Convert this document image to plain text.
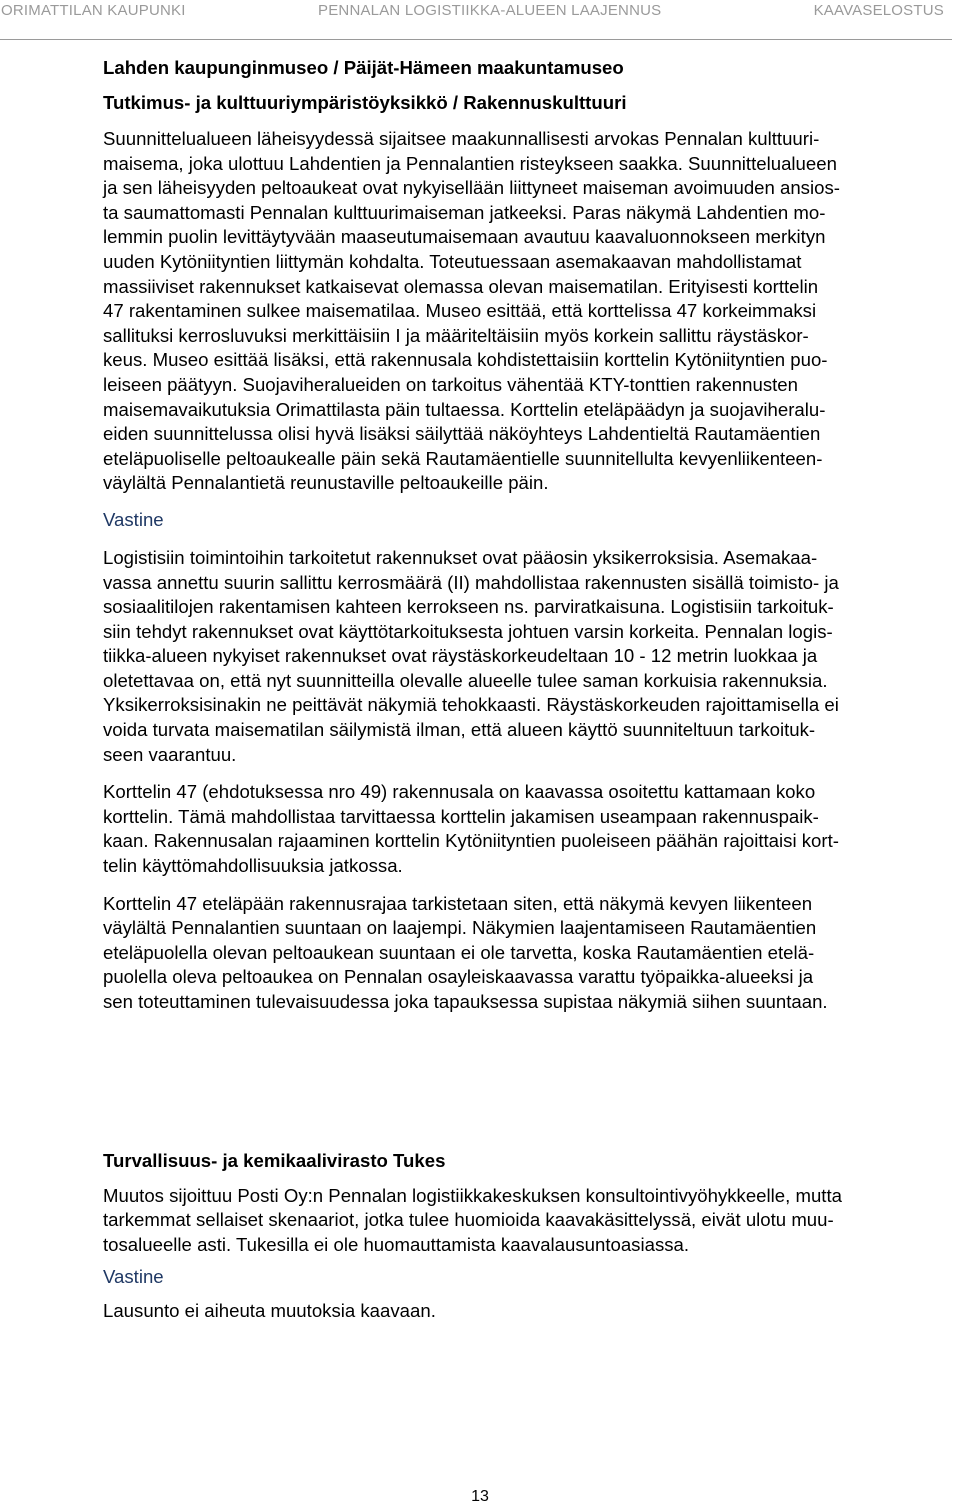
ORIMATTILAN KAUPUNKI	PENNALAN LOGISTIIKKA-ALUEEN LAAJENNUS	KAAVASELOSTUS

Lahden kaupunginmuseo / Päijät-Hämeen maakuntamuseo

Tutkimus- ja kulttuuriympäristöyksikkö / Rakennuskulttuuri

Suunnittelualueen läheisyydessä sijaitsee maakunnallisesti arvokas Pennalan kulttuuri-
maisema, joka ulottuu Lahdentien ja Pennalantien risteykseen saakka. Suunnittelualueen
ja sen läheisyyden peltoaukeat ovat nykyisellään liittyneet maiseman avoimuuden ansios-
ta saumattomasti Pennalan kulttuurimaiseman jatkeeksi. Paras näkymä Lahdentien mo-
lemmin puolin levittäytyvään maaseutumaisemaan avautuu kaavaluonnokseen merkityn
uuden Kytöniityntien liittymän kohdalta. Toteutuessaan asemakaavan mahdollistamat
massiiviset rakennukset katkaisevat olemassa olevan maisematilan. Erityisesti korttelin
47 rakentaminen sulkee maisematilaa. Museo esittää, että korttelissa 47 korkeimmaksi
sallituksi kerrosluvuksi merkittäisiin I ja määriteltäisiin myös korkein sallittu räystäskor-
keus. Museo esittää lisäksi, että rakennusala kohdistettaisiin korttelin Kytöniityntien puo-
leiseen päätyyn. Suojaviheralueiden on tarkoitus vähentää KTY-tonttien rakennusten
maisemavaikutuksia Orimattilasta päin tultaessa. Korttelin eteläpäädyn ja suojaviheralu-
eiden suunnittelussa olisi hyvä lisäksi säilyttää näköyhteys Lahdentieltä Rautamäentien
eteläpuoliselle peltoaukealle päin sekä Rautamäentielle suunnitellulta kevyenliikenteen-
väylältä Pennalantietä reunustaville peltoaukeille päin.

Vastine

Logistisiin toimintoihin tarkoitetut rakennukset ovat pääosin yksikerroksisia. Asemakaa-
vassa annettu suurin sallittu kerrosmäärä (II) mahdollistaa rakennusten sisällä toimisto- ja
sosiaalitilojen rakentamisen kahteen kerrokseen ns. parviratkaisuna. Logistisiin tarkoituk-
siin tehdyt rakennukset ovat käyttötarkoituksesta johtuen varsin korkeita. Pennalan logis-
tiikka-alueen nykyiset rakennukset ovat räystäskorkeudeltaan 10 - 12 metrin luokkaa ja
oletettavaa on, että nyt suunnitteilla olevalle alueelle tulee saman korkuisia rakennuksia.
Yksikerroksisinakin ne peittävät näkymiä tehokkaasti. Räystäskorkeuden rajoittamisella ei
voida turvata maisematilan säilymistä ilman, että alueen käyttö suunniteltuun tarkoituk-
seen vaarantuu.

Korttelin 47 (ehdotuksessa nro 49) rakennusala on kaavassa osoitettu kattamaan koko
korttelin. Tämä mahdollistaa tarvittaessa korttelin jakamisen useampaan rakennuspaik-
kaan. Rakennusalan rajaaminen korttelin Kytöniityntien puoleiseen päähän rajoittaisi kort-
telin käyttömahdollisuuksia jatkossa.

Korttelin 47 eteläpään rakennusrajaa tarkistetaan siten, että näkymä kevyen liikenteen
väylältä Pennalantien suuntaan on laajempi. Näkymien laajentamiseen Rautamäentien
eteläpuolella olevan peltoaukean suuntaan ei ole tarvetta, koska Rautamäentien etelä-
puolella oleva peltoaukea on Pennalan osayleiskaavassa varattu työpaikka-alueeksi ja
sen toteuttaminen tulevaisuudessa joka tapauksessa supistaa näkymiä siihen suuntaan.

Turvallisuus- ja kemikaalivirasto Tukes

Muutos sijoittuu Posti Oy:n Pennalan logistiikkakeskuksen konsultointivyöhykkeelle, mutta
tarkemmat sellaiset skenaariot, jotka tulee huomioida kaavakäsittelyssä, eivät ulotu muu-
tosalueelle asti. Tukesilla ei ole huomauttamista kaavalausuntoasiassa.

Vastine

Lausunto ei aiheuta muutoksia kaavaan.

13
